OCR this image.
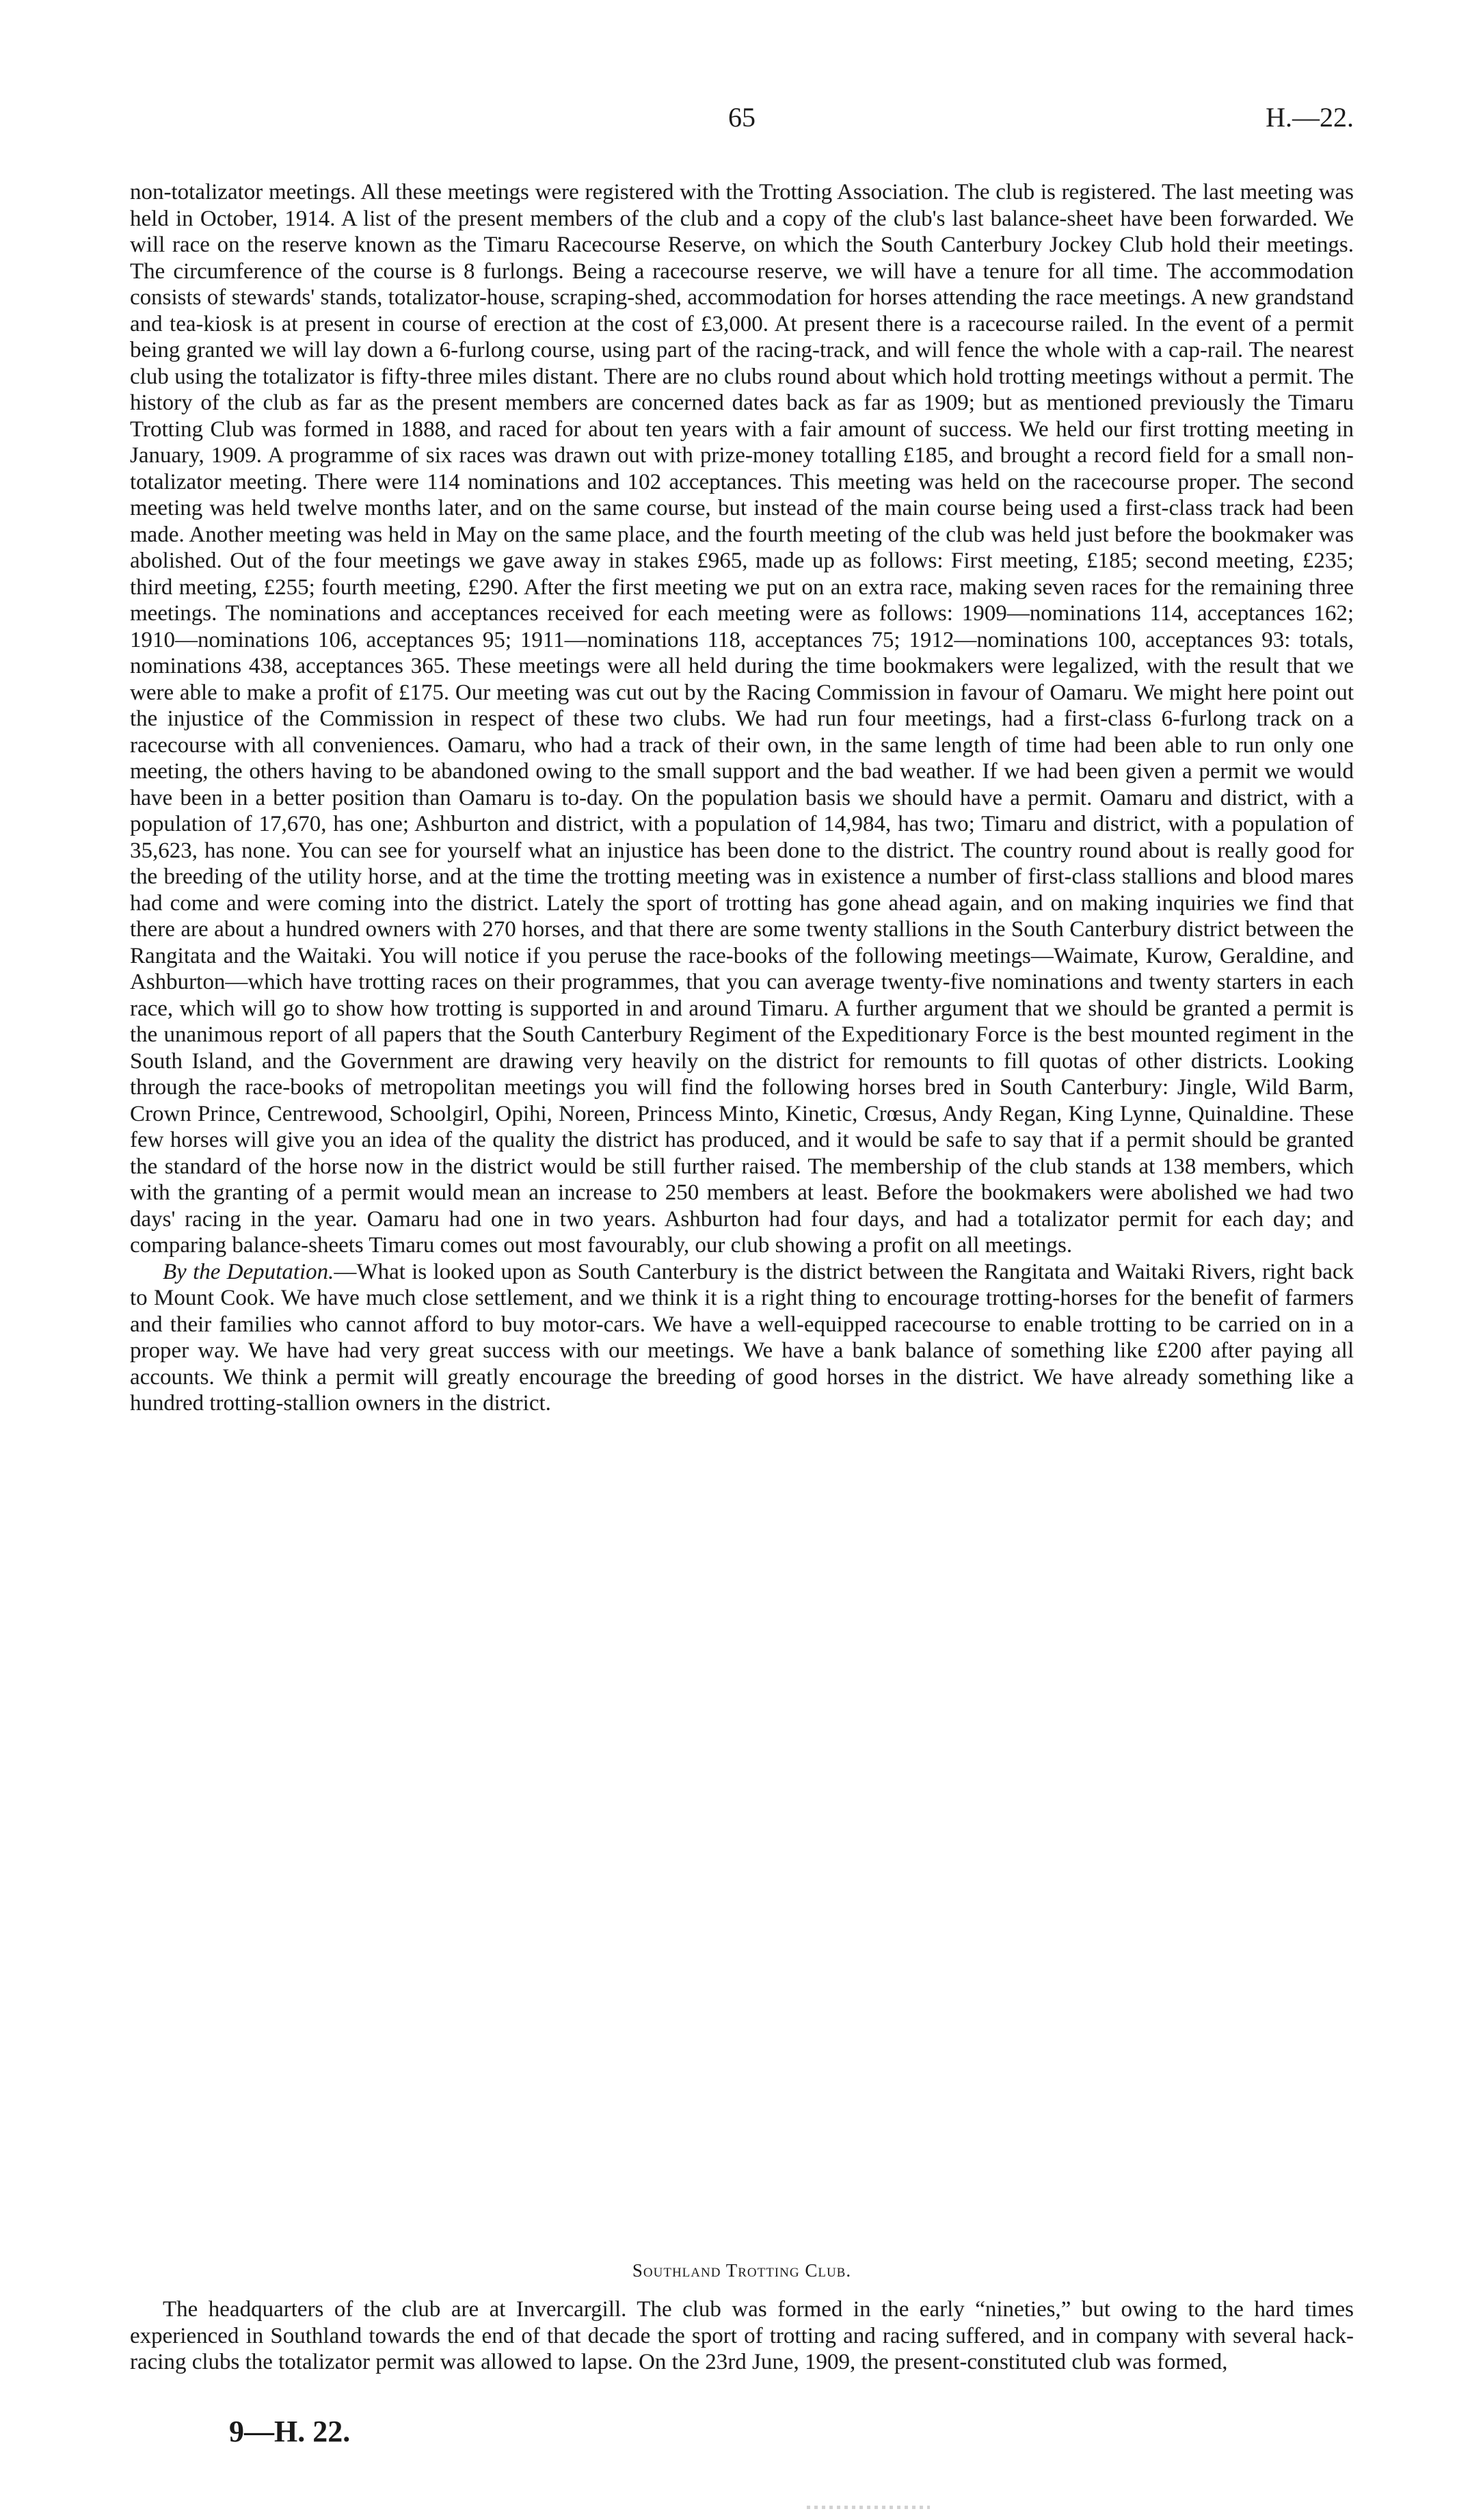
65	H.—22.

non-totalizator meetings. All these meetings were registered with the Trotting Association. The club is registered. The last meeting was held in October, 1914. A list of the present members of the club and a copy of the club's last balance-sheet have been forwarded. We will race on the reserve known as the Timaru Racecourse Reserve, on which the South Canterbury Jockey Club hold their meetings. The circumference of the course is 8 furlongs. Being a racecourse reserve, we will have a tenure for all time. The accommodation consists of stewards' stands, totalizator-house, scraping-shed, accommodation for horses attending the race meetings. A new grandstand and tea-kiosk is at present in course of erection at the cost of £3,000. At present there is a racecourse railed. In the event of a permit being granted we will lay down a 6-furlong course, using part of the racing-track, and will fence the whole with a cap-rail. The nearest club using the totalizator is fifty-three miles distant. There are no clubs round about which hold trotting meetings without a permit. The history of the club as far as the present members are concerned dates back as far as 1909; but as mentioned previously the Timaru Trotting Club was formed in 1888, and raced for about ten years with a fair amount of success. We held our first trotting meeting in January, 1909. A programme of six races was drawn out with prize-money totalling £185, and brought a record field for a small non-totalizator meeting. There were 114 nominations and 102 acceptances. This meeting was held on the racecourse proper. The second meeting was held twelve months later, and on the same course, but instead of the main course being used a first-class track had been made. Another meeting was held in May on the same place, and the fourth meeting of the club was held just before the bookmaker was abolished. Out of the four meetings we gave away in stakes £965, made up as follows: First meeting, £185; second meeting, £235; third meeting, £255; fourth meeting, £290. After the first meeting we put on an extra race, making seven races for the remaining three meetings. The nominations and acceptances received for each meeting were as follows: 1909—nominations 114, acceptances 162; 1910—nominations 106, acceptances 95; 1911—nominations 118, acceptances 75; 1912—nominations 100, acceptances 93: totals, nominations 438, acceptances 365. These meetings were all held during the time bookmakers were legalized, with the result that we were able to make a profit of £175. Our meeting was cut out by the Racing Commission in favour of Oamaru. We might here point out the injustice of the Commission in respect of these two clubs. We had run four meetings, had a first-class 6-furlong track on a racecourse with all conveniences. Oamaru, who had a track of their own, in the same length of time had been able to run only one meeting, the others having to be abandoned owing to the small support and the bad weather. If we had been given a permit we would have been in a better position than Oamaru is to-day. On the population basis we should have a permit. Oamaru and district, with a population of 17,670, has one; Ashburton and district, with a population of 14,984, has two; Timaru and district, with a population of 35,623, has none. You can see for yourself what an injustice has been done to the district. The country round about is really good for the breeding of the utility horse, and at the time the trotting meeting was in existence a number of first-class stallions and blood mares had come and were coming into the district. Lately the sport of trotting has gone ahead again, and on making inquiries we find that there are about a hundred owners with 270 horses, and that there are some twenty stallions in the South Canterbury district between the Rangitata and the Waitaki. You will notice if you peruse the race-books of the following meetings—Waimate, Kurow, Geraldine, and Ashburton—which have trotting races on their programmes, that you can average twenty-five nominations and twenty starters in each race, which will go to show how trotting is supported in and around Timaru. A further argument that we should be granted a permit is the unanimous report of all papers that the South Canterbury Regiment of the Expeditionary Force is the best mounted regiment in the South Island, and the Government are drawing very heavily on the district for remounts to fill quotas of other districts. Looking through the race-books of metropolitan meetings you will find the following horses bred in South Canterbury: Jingle, Wild Barm, Crown Prince, Centrewood, Schoolgirl, Opihi, Noreen, Princess Minto, Kinetic, Crœsus, Andy Regan, King Lynne, Quinaldine. These few horses will give you an idea of the quality the district has produced, and it would be safe to say that if a permit should be granted the standard of the horse now in the district would be still further raised. The membership of the club stands at 138 members, which with the granting of a permit would mean an increase to 250 members at least. Before the bookmakers were abolished we had two days' racing in the year. Oamaru had one in two years. Ashburton had four days, and had a totalizator permit for each day; and comparing balance-sheets Timaru comes out most favourably, our club showing a profit on all meetings.

By the Deputation.—What is looked upon as South Canterbury is the district between the Rangitata and Waitaki Rivers, right back to Mount Cook. We have much close settlement, and we think it is a right thing to encourage trotting-horses for the benefit of farmers and their families who cannot afford to buy motor-cars. We have a well-equipped racecourse to enable trotting to be carried on in a proper way. We have had very great success with our meetings. We have a bank balance of something like £200 after paying all accounts. We think a permit will greatly encourage the breeding of good horses in the district. We have already something like a hundred trotting-stallion owners in the district.

Southland Trotting Club.

The headquarters of the club are at Invercargill. The club was formed in the early “nineties,” but owing to the hard times experienced in Southland towards the end of that decade the sport of trotting and racing suffered, and in company with several hack-racing clubs the totalizator permit was allowed to lapse. On the 23rd June, 1909, the present-constituted club was formed,

9—H. 22.
